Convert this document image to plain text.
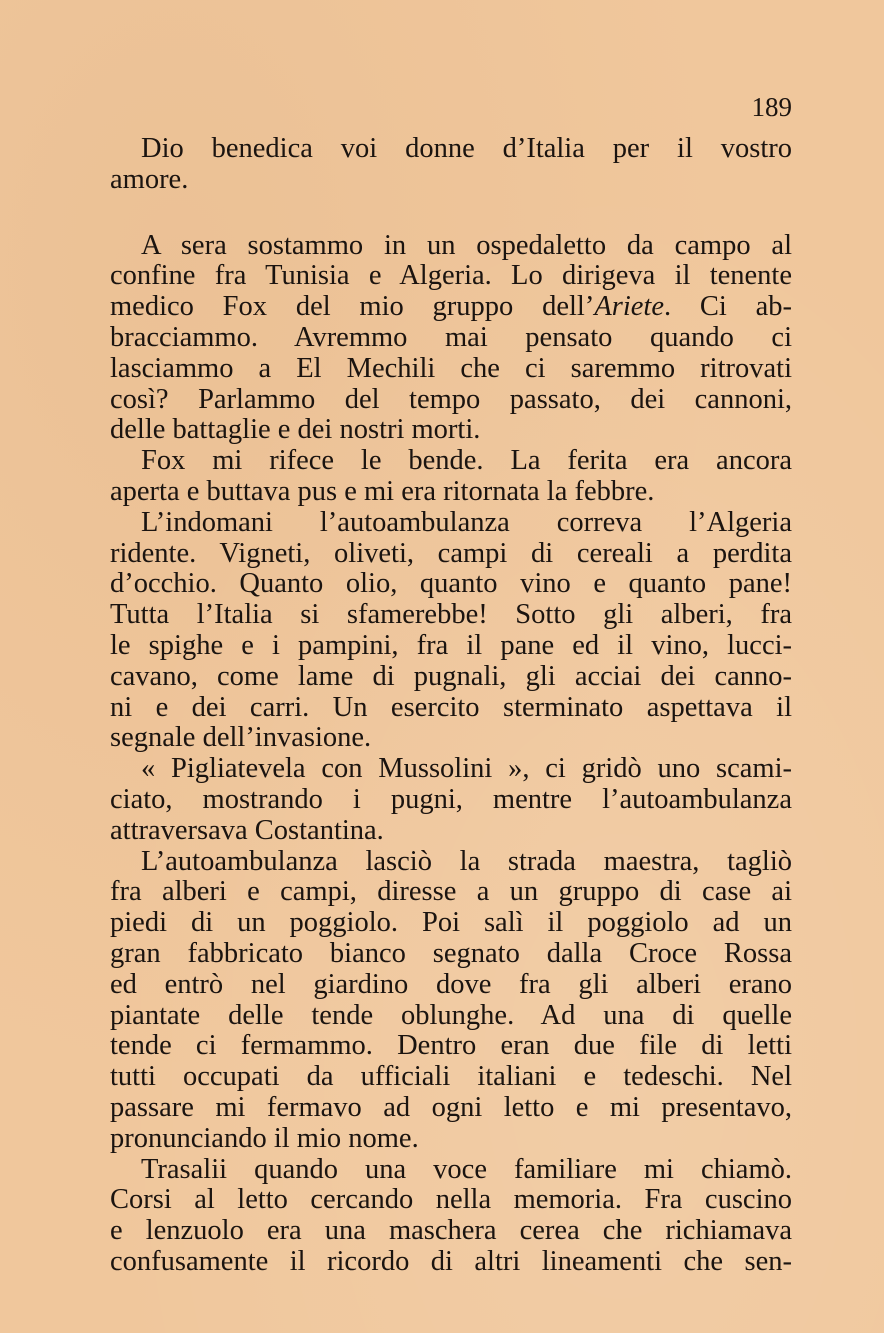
189
Dio benedica voi donne d’Italia per il vostro
amore.
A sera sostammo in un ospedaletto da campo al
confine fra Tunisia e Algeria. Lo dirigeva il tenente
medico Fox del mio gruppo dell’Ariete. Ci ab-
bracciammo. Avremmo mai pensato quando ci
lasciammo a El Mechili che ci saremmo ritrovati
così? Parlammo del tempo passato, dei cannoni,
delle battaglie e dei nostri morti.
Fox mi rifece le bende. La ferita era ancora
aperta e buttava pus e mi era ritornata la febbre.
L’indomani l’autoambulanza correva l’Algeria
ridente. Vigneti, oliveti, campi di cereali a perdita
d’occhio. Quanto olio, quanto vino e quanto pane!
Tutta l’Italia si sfamerebbe! Sotto gli alberi, fra
le spighe e i pampini, fra il pane ed il vino, lucci-
cavano, come lame di pugnali, gli acciai dei canno-
ni e dei carri. Un esercito sterminato aspettava il
segnale dell’invasione.
« Pigliatevela con Mussolini », ci gridò uno scami-
ciato, mostrando i pugni, mentre l’autoambulanza
attraversava Costantina.
L’autoambulanza lasciò la strada maestra, tagliò
fra alberi e campi, diresse a un gruppo di case ai
piedi di un poggiolo. Poi salì il poggiolo ad un
gran fabbricato bianco segnato dalla Croce Rossa
ed entrò nel giardino dove fra gli alberi erano
piantate delle tende oblunghe. Ad una di quelle
tende ci fermammo. Dentro eran due file di letti
tutti occupati da ufficiali italiani e tedeschi. Nel
passare mi fermavo ad ogni letto e mi presentavo,
pronunciando il mio nome.
Trasalii quando una voce familiare mi chiamò.
Corsi al letto cercando nella memoria. Fra cuscino
e lenzuolo era una maschera cerea che richiamava
confusamente il ricordo di altri lineamenti che sen-
